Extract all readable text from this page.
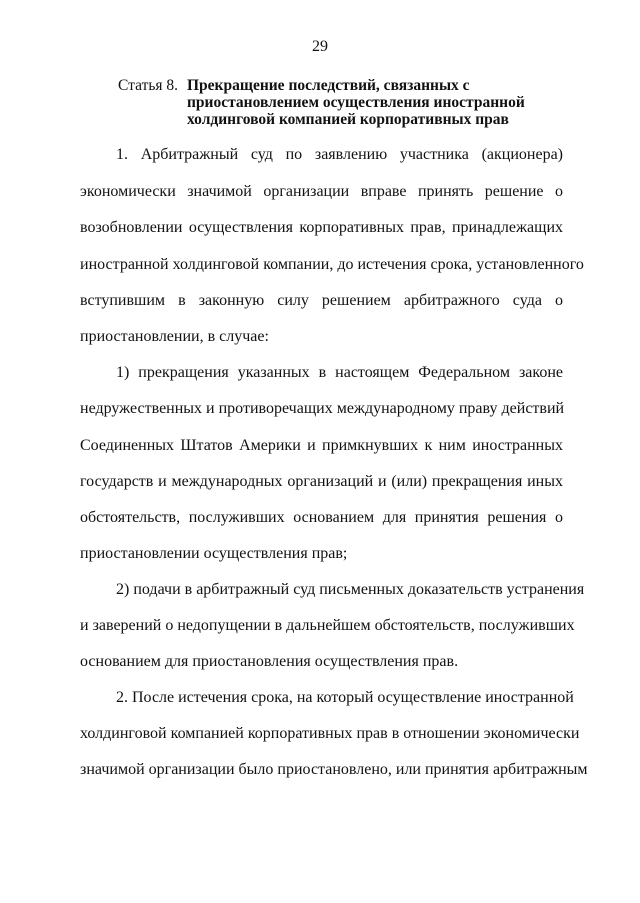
29
Статья 8. Прекращение последствий, связанных с
приостановлением осуществления иностранной
холдинговой компанией корпоративных прав
1. Арбитражный суд по заявлению участника (акционера)
экономически значимой организации вправе принять решение о
возобновлении осуществления корпоративных прав, принадлежащих
иностранной холдинговой компании, до истечения срока, установленного
вступившим в законную силу решением арбитражного суда о
приостановлении, в случае:
1) прекращения указанных в настоящем Федеральном законе
недружественных и противоречащих международному праву действий
Соединенных Штатов Америки и примкнувших к ним иностранных
государств и международных организаций и (или) прекращения иных
обстоятельств, послуживших основанием для принятия решения о
приостановлении осуществления прав;
2) подачи в арбитражный суд письменных доказательств устранения
и заверений о недопущении в дальнейшем обстоятельств, послуживших
основанием для приостановления осуществления прав.
2. После истечения срока, на который осуществление иностранной
холдинговой компанией корпоративных прав в отношении экономически
значимой организации было приостановлено, или принятия арбитражным
